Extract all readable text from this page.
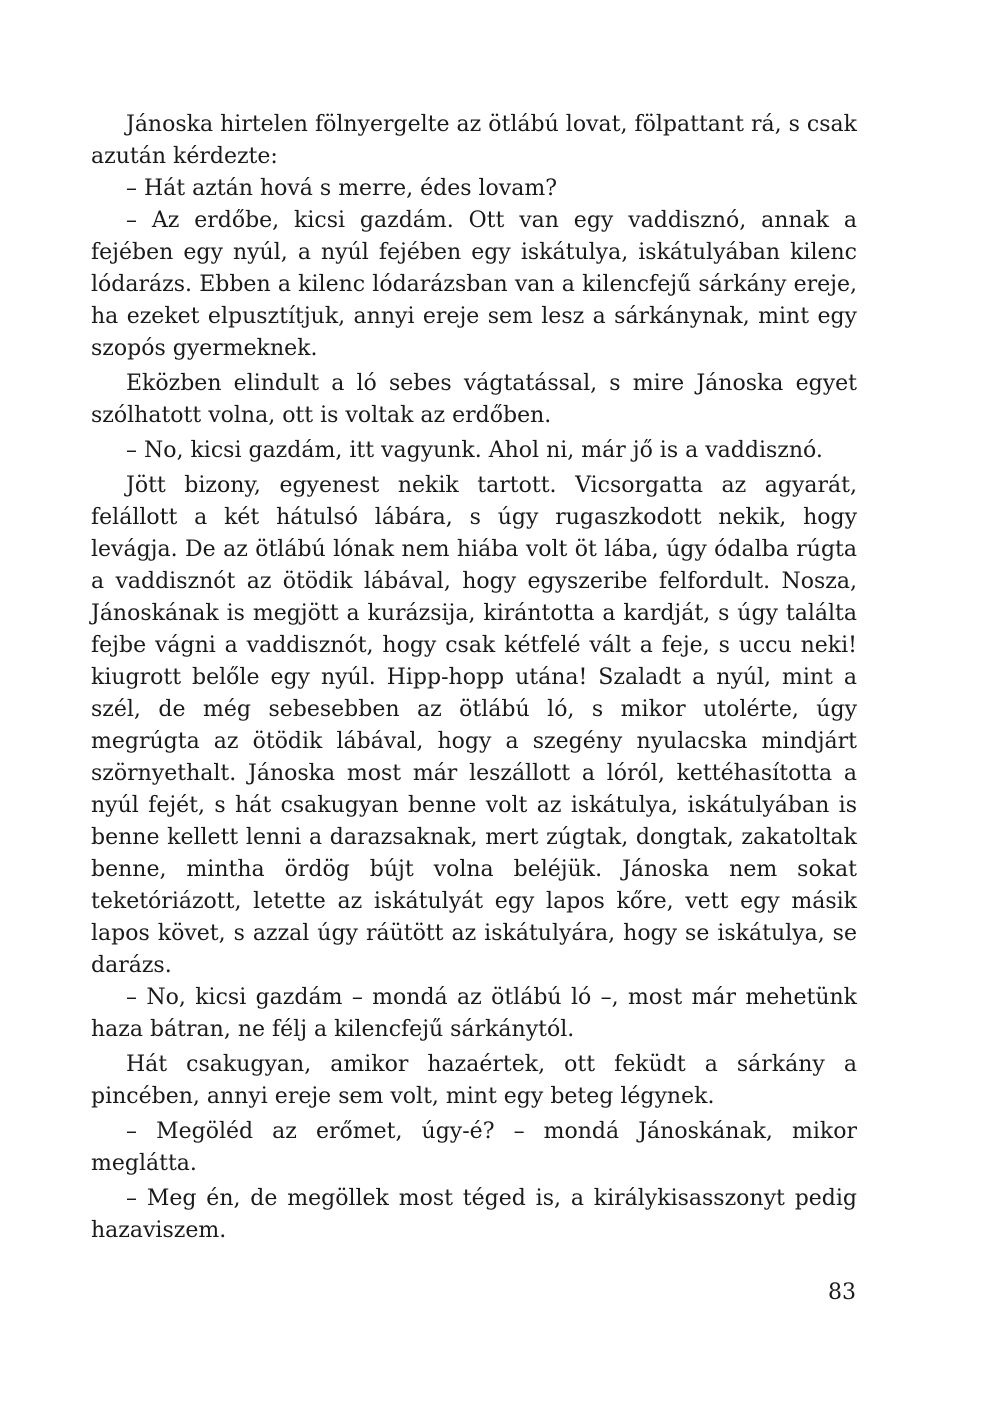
Jánoska hirtelen fölnyergelte az ötlábú lovat, fölpattant rá, s csak azután kérdezte:

– Hát aztán hová s merre, édes lovam?

– Az erdőbe, kicsi gazdám. Ott van egy vaddisznó, annak a fejében egy nyúl, a nyúl fejében egy iskátulya, iskátulyában kilenc lódarázs. Ebben a kilenc lódarázsban van a kilencfejű sárkány ereje, ha ezeket elpusztítjuk, annyi ereje sem lesz a sárkánynak, mint egy szopós gyermeknek.

Eközben elindult a ló sebes vágtatással, s mire Jánoska egyet szólhatott volna, ott is voltak az erdőben.

– No, kicsi gazdám, itt vagyunk. Ahol ni, már jő is a vaddisznó.

Jött bizony, egyenest nekik tartott. Vicsorgatta az agyarát, felállott a két hátulsó lábára, s úgy rugaszkodott nekik, hogy levágja. De az ötlábú lónak nem hiába volt öt lába, úgy ódalba rúgta a vaddisznót az ötödik lábával, hogy egyszeribe felfordult. Nosza, Jánoskának is megjött a kurázsija, kirántotta a kardját, s úgy találta fejbe vágni a vaddisznót, hogy csak kétfelé vált a feje, s uccu neki! kiugrott belőle egy nyúl. Hipp-hopp utána! Szaladt a nyúl, mint a szél, de még sebesebben az ötlábú ló, s mikor utolérte, úgy megrúgta az ötödik lábával, hogy a szegény nyulacska mindjárt szörnyethalt. Jánoska most már leszállott a lóról, kettéhasította a nyúl fejét, s hát csakugyan benne volt az iskátulya, iskátulyában is benne kellett lenni a darazsaknak, mert zúgtak, dongtak, zakatoltak benne, mintha ördög bújt volna beléjük. Jánoska nem sokat teketóriázott, letette az iskátulyát egy lapos kőre, vett egy másik lapos követ, s azzal úgy ráütött az iskátulyára, hogy se iskátulya, se darázs.

– No, kicsi gazdám – mondá az ötlábú ló –, most már mehetünk haza bátran, ne félj a kilencfejű sárkánytól.

Hát csakugyan, amikor hazaértek, ott feküdt a sárkány a pincében, annyi ereje sem volt, mint egy beteg légynek.

– Megöléd az erőmet, úgy-é? – mondá Jánoskának, mikor meglátta.

– Meg én, de megöllek most téged is, a királykisasszonyt pedig hazaviszem.

83
